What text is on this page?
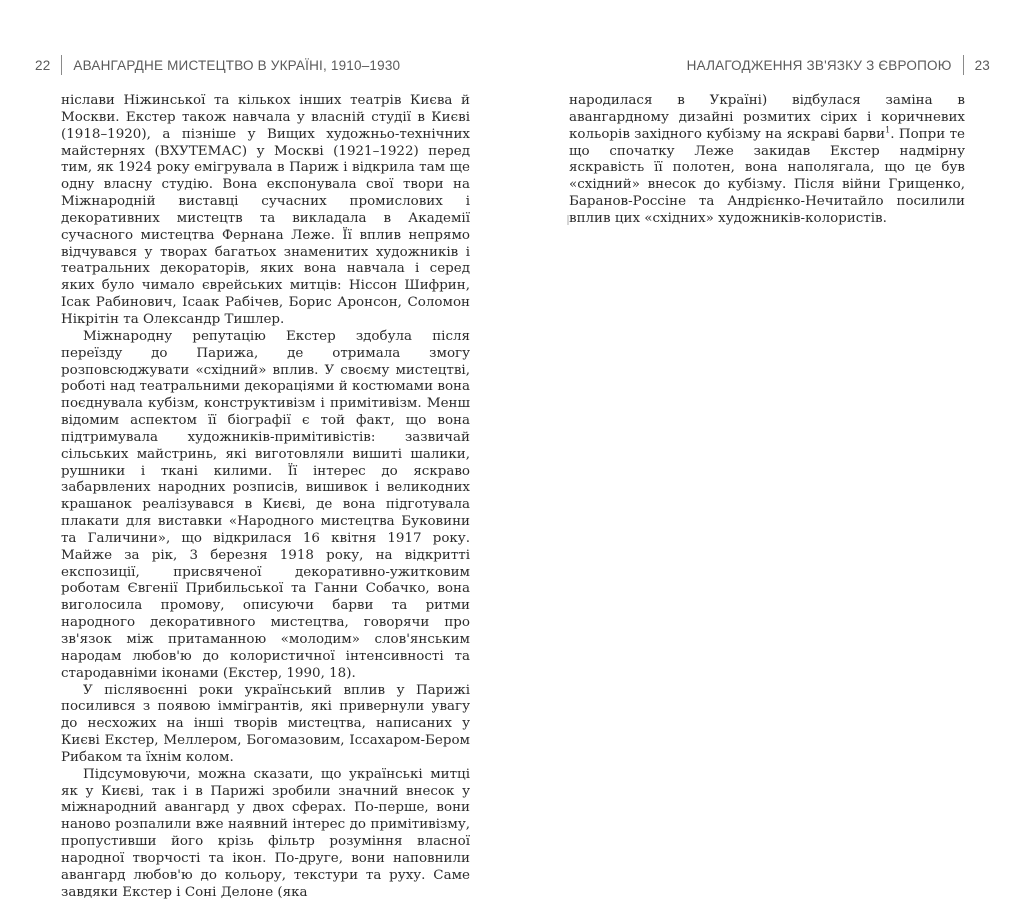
22 АВАНГАРДНЕ МИСТЕЦТВО В УКРАЇНІ, 1910–1930	НАЛАГОДЖЕННЯ ЗВ'ЯЗКУ З ЄВРОПОЮ 23

нiслави Нiжинської та кiлькох iнших театрiв Києва й Москви. Екстер також навчала у власнiй студiї в Києвi (1918–1920), а пiзнiше у Вищих художньо-технiчних майстернях (ВХУТЕМАС) у Москвi (1921–1922) перед тим, як 1924 року емiгрувала в Париж i вiдкрила там ще одну власну студiю. Вона експонувала свої твори на Мiжнароднiй виставцi сучасних промислових i декоративних мистецтв та викладала в Академiї сучасного мистецтва Фернана Леже. Її вплив непрямо вiдчувався у творах багатьох знаменитих художникiв i театральних декораторiв, яких вона навчала i серед яких було чимало єврейських митцiв: Нiссон Шифрин, Iсак Рабинович, Iсаак Рабiчев, Борис Аронсон, Соломон Нiкрiтiн та Олександр Тишлер.

Мiжнародну репутацiю Екстер здобула пiсля переїзду до Парижа, де отримала змогу розповсюджувати «схiдний» вплив. У своєму мистецтвi, роботi над театральними декорацiями й костюмами вона поєднувала кубiзм, конструктивiзм i примiтивiзм. Менш вiдомим аспектом її бiографiї є той факт, що вона пiдтримувала художникiв-примiтивiстiв: зазвичай сiльських майстринь, якi виготовляли вишитi шалики, рушники i тканi килими. Її iнтерес до яскраво забарвлених народних розписiв, вишивок i великодних крашанок реалiзувався в Києвi, де вона пiдготувала плакати для виставки «Народного мистецтва Буковини та Галичини», що вiдкрилася 16 квiтня 1917 року. Майже за рiк, 3 березня 1918 року, на вiдкриттi експозицiї, присвяченої декоративно-ужитковим роботам Євгенiї Прибильської та Ганни Собачко, вона виголосила промову, описуючи барви та ритми народного декоративного мистецтва, говорячи про зв'язок мiж притаманною «молодим» слов'янським народам любов'ю до колористичної iнтенсивностi та стародавнiми iконами (Екстер, 1990, 18).

У пiслявоєннi роки український вплив у Парижi посилився з появою iммiгрантiв, якi привернули увагу до несхожих на iншi творiв мистецтва, написаних у Києвi Екстер, Меллером, Богомазовим, Iссахаром-Бером Рибаком та їхнiм колом.

Пiдсумовуючи, можна сказати, що українськi митцi як у Києвi, так i в Парижi зробили значний внесок у мiжнародний авангард у двох сферах. По-перше, вони наново розпалили вже наявний iнтерес до примiтивiзму, пропустивши його крiзь фiльтр розумiння власної народної творчостi та iкон. По-друге, вони наповнили авангард любов'ю до кольору, текстури та руху. Саме завдяки Екстер i Сонi Делоне (яка

народилася в Українi) вiдбулася замiна в авангардному дизайнi розмитих сiрих i коричневих кольорiв захiдного кубiзму на яскравi барви$^1$. Попри те що спочатку Леже закидав Екстер надмiрну яскравiсть її полотен, вона наполягала, що це був «схiдний» внесок до кубiзму. Пiсля вiйни Грищенко, Баранов-Россiне та Андрiєнко-Нечитайло посилили вплив цих «схiдних» художникiв-колористiв.
